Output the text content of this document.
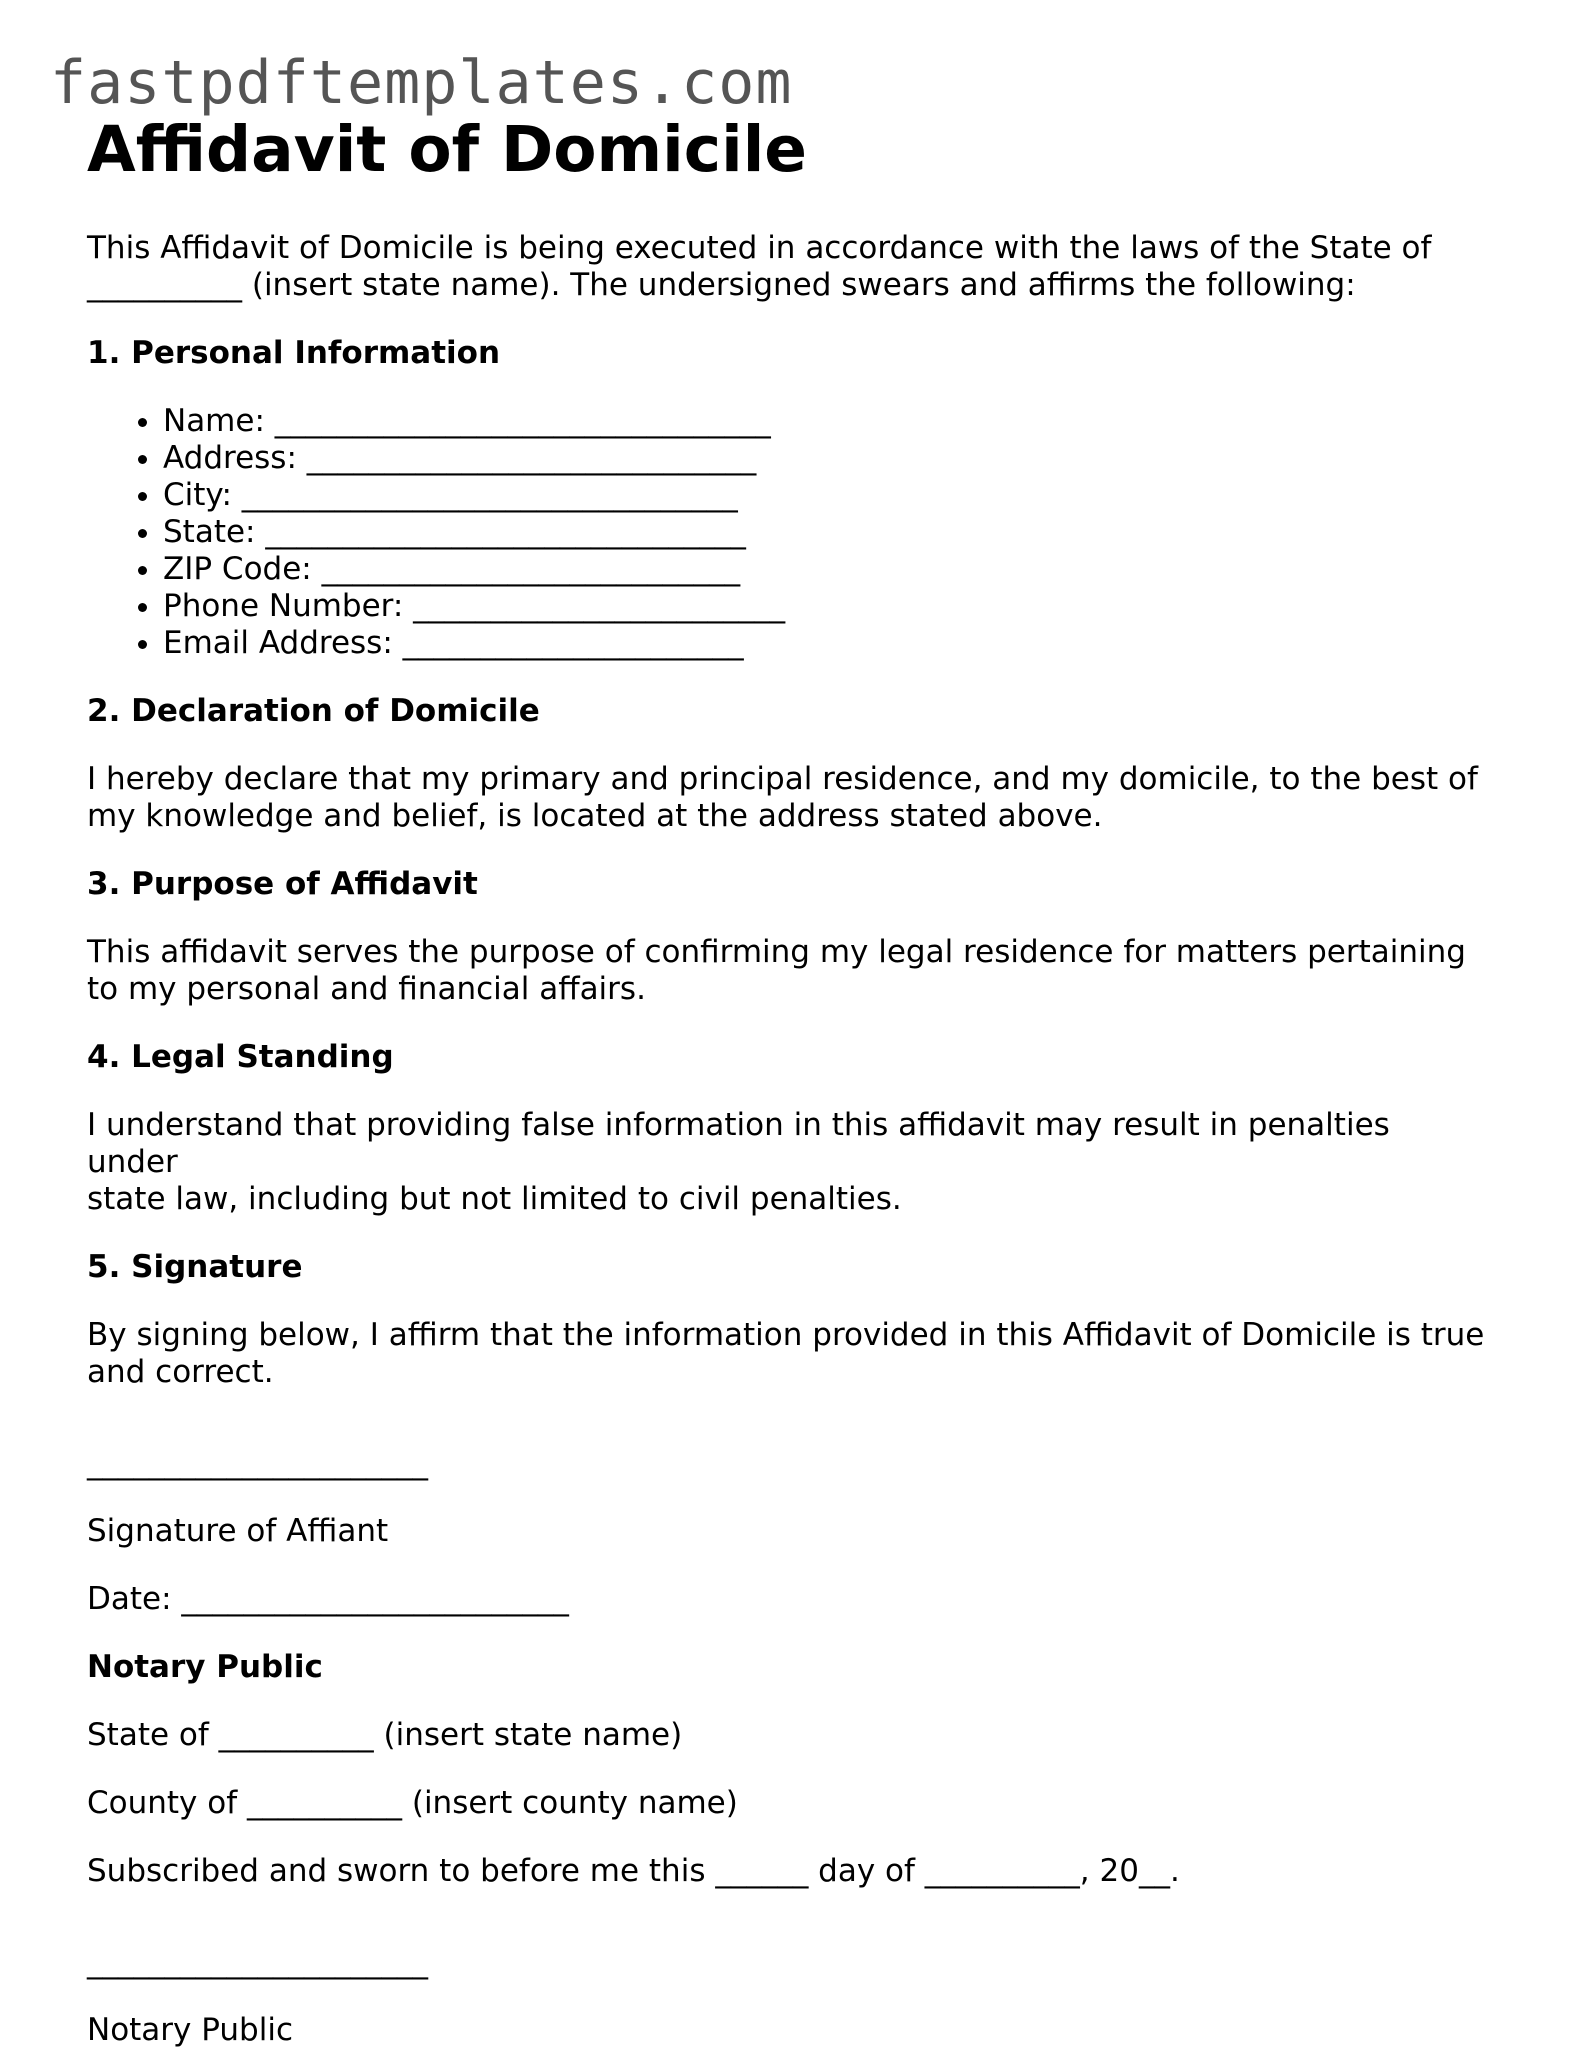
fastpdftemplates.com
Affidavit of Domicile

This Affidavit of Domicile is being executed in accordance with the laws of the State of
__________ (insert state name). The undersigned swears and affirms the following:

1. Personal Information
• Name: ________________________________
• Address: _____________________________
• City: ________________________________
• State: _______________________________
• ZIP Code: ___________________________
• Phone Number: ________________________
• Email Address: ______________________
2. Declaration of Domicile

I hereby declare that my primary and principal residence, and my domicile, to the best of
my knowledge and belief, is located at the address stated above.

3. Purpose of Affidavit

This affidavit serves the purpose of confirming my legal residence for matters pertaining
to my personal and financial affairs.

4. Legal Standing

I understand that providing false information in this affidavit may result in penalties under
state law, including but not limited to civil penalties.

5. Signature

By signing below, I affirm that the information provided in this Affidavit of Domicile is true
and correct.

______________________

Signature of Affiant

Date: _________________________

Notary Public

State of __________ (insert state name)

County of __________ (insert county name)

Subscribed and sworn to before me this ______ day of __________, 20__.

______________________

Notary Public
